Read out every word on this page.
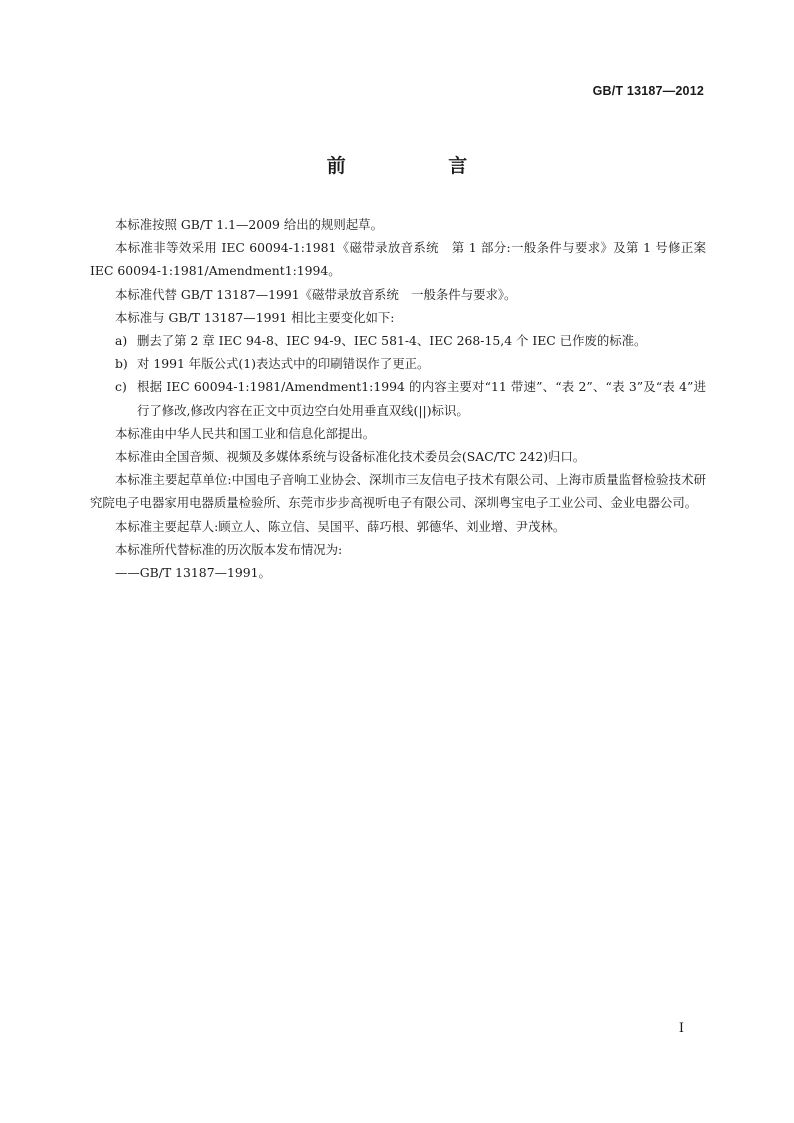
GB/T 13187—2012
前 言

本标准按照 GB/T 1.1—2009 给出的规则起草。

本标准非等效采用 IEC 60094-1:1981《磁带录放音系统　第 1 部分:一般条件与要求》及第 1 号修正案 IEC 60094-1:1981/Amendment1:1994。

本标准代替 GB/T 13187—1991《磁带录放音系统　一般条件与要求》。

本标准与 GB/T 13187—1991 相比主要变化如下:

a) 删去了第 2 章 IEC 94-8、IEC 94-9、IEC 581-4、IEC 268-15,4 个 IEC 已作废的标准。
b) 对 1991 年版公式(1)表达式中的印刷错误作了更正。
c) 根据 IEC 60094-1:1981/Amendment1:1994 的内容主要对“11 带速”、“表 2”、“表 3”及“表 4”进行了修改,修改内容在正文中页边空白处用垂直双线(||)标识。

本标准由中华人民共和国工业和信息化部提出。

本标准由全国音频、视频及多媒体系统与设备标准化技术委员会(SAC/TC 242)归口。

本标准主要起草单位:中国电子音响工业协会、深圳市三友信电子技术有限公司、上海市质量监督检验技术研究院电子电器家用电器质量检验所、东莞市步步高视听电子有限公司、深圳粤宝电子工业公司、金业电器公司。

本标准主要起草人:顾立人、陈立信、吴国平、薛巧根、郭德华、刘业增、尹茂林。

本标准所代替标准的历次版本发布情况为:

——GB/T 13187—1991。

I
